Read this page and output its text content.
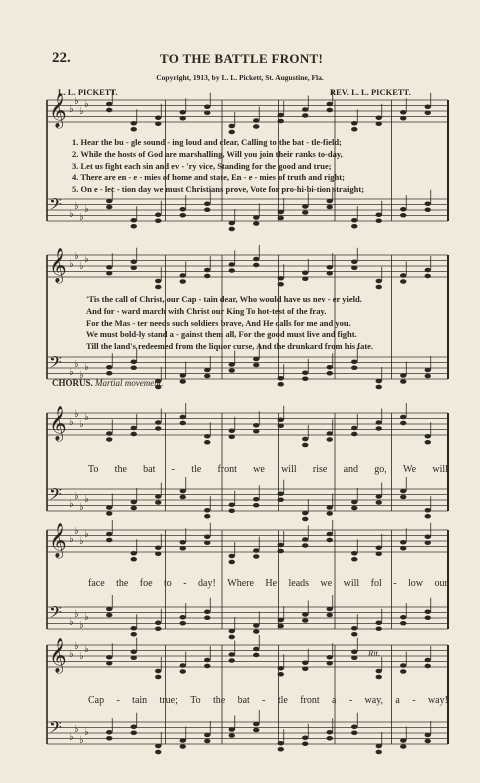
𝄞 ♭
♭
♭
♭
𝄢 ♭
♭
♭
♭
𝄞 ♭
♭
♭
♭
𝄢 ♭
♭
♭
♭
𝄞 ♭
♭
♭
♭
𝄢 ♭
♭
♭
♭
𝄞 ♭
♭
♭
♭
𝄢 ♭
♭
♭
♭
𝄞 ♭
♭
♭
♭
𝄢 ♭
♭
♭
♭
22.	TO THE BATTLE FRONT!
Copyright, 1913, by L. L. Pickett, St. Augustine, Fla.
L. L. PICKETT.	REV. L. L. PICKETT.
1. Hear the bu - gle sound - ing loud and clear, Calling to the bat - tle-field;
2. While the hosts of God are marshalling, Will you join their ranks to-day,
3. Let us fight each sin and ev - 'ry vice, Standing for the good and true;
4. There are en - e - mies of home and state, En - e - mies of truth and right;
5. On e - lec - tion day we must Christians prove, Vote for pro-hi-bi-tion straight;
'Tis the call of Christ, our Cap - tain dear, Who would have us nev - er yield.
And for - ward march with Christ our King To hot-test of the fray.
For the Mas - ter needs such soldiers brave, And He calls for me and you.
We must bold-ly stand a - gainst them all, For the good must live and fight.
Till the land's redeemed from the liquor curse, And the drunkard from his fate.
CHORUS. Martial movement.
To the bat - tle front we will rise and go, We will
face the foe to - day! Where He leads we will fol - low our
Cap - tain true; To the bat - tle front a - way, a - way!
Rit.
